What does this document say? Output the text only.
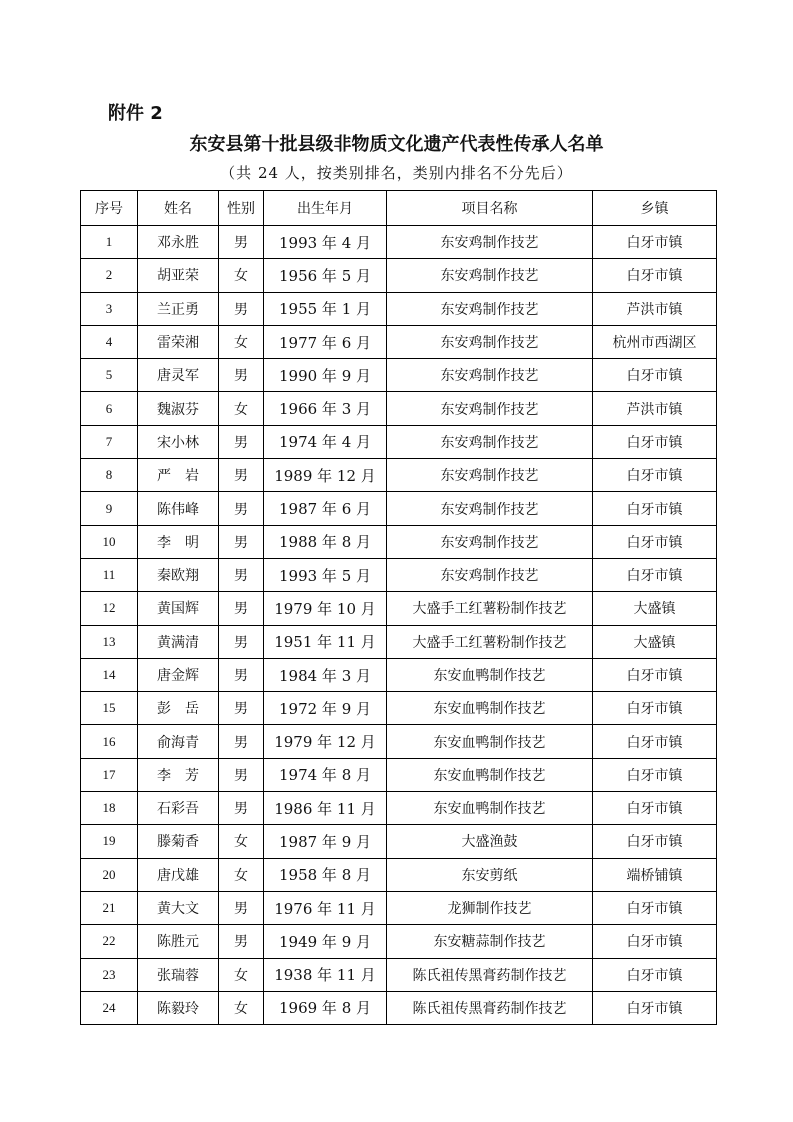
附件 2
东安县第十批县级非物质文化遗产代表性传承人名单
（共 24 人，按类别排名，类别内排名不分先后）
序号	姓名	性别	出生年月	项目名称	乡镇
1	邓永胜	男	1993 年 4 月	东安鸡制作技艺	白牙市镇
2	胡亚荣	女	1956 年 5 月	东安鸡制作技艺	白牙市镇
3	兰正勇	男	1955 年 1 月	东安鸡制作技艺	芦洪市镇
4	雷荣湘	女	1977 年 6 月	东安鸡制作技艺	杭州市西湖区
5	唐灵军	男	1990 年 9 月	东安鸡制作技艺	白牙市镇
6	魏淑芬	女	1966 年 3 月	东安鸡制作技艺	芦洪市镇
7	宋小林	男	1974 年 4 月	东安鸡制作技艺	白牙市镇
8	严　岩	男	1989 年 12 月	东安鸡制作技艺	白牙市镇
9	陈伟峰	男	1987 年 6 月	东安鸡制作技艺	白牙市镇
10	李　明	男	1988 年 8 月	东安鸡制作技艺	白牙市镇
11	秦欧翔	男	1993 年 5 月	东安鸡制作技艺	白牙市镇
12	黄国辉	男	1979 年 10 月	大盛手工红薯粉制作技艺	大盛镇
13	黄满清	男	1951 年 11 月	大盛手工红薯粉制作技艺	大盛镇
14	唐金辉	男	1984 年 3 月	东安血鸭制作技艺	白牙市镇
15	彭　岳	男	1972 年 9 月	东安血鸭制作技艺	白牙市镇
16	俞海青	男	1979 年 12 月	东安血鸭制作技艺	白牙市镇
17	李　芳	男	1974 年 8 月	东安血鸭制作技艺	白牙市镇
18	石彩吾	男	1986 年 11 月	东安血鸭制作技艺	白牙市镇
19	滕菊香	女	1987 年 9 月	大盛渔鼓	白牙市镇
20	唐戊雄	女	1958 年 8 月	东安剪纸	端桥铺镇
21	黄大文	男	1976 年 11 月	龙狮制作技艺	白牙市镇
22	陈胜元	男	1949 年 9 月	东安糖蒜制作技艺	白牙市镇
23	张瑞蓉	女	1938 年 11 月	陈氏祖传黑膏药制作技艺	白牙市镇
24	陈毅玲	女	1969 年 8 月	陈氏祖传黑膏药制作技艺	白牙市镇
